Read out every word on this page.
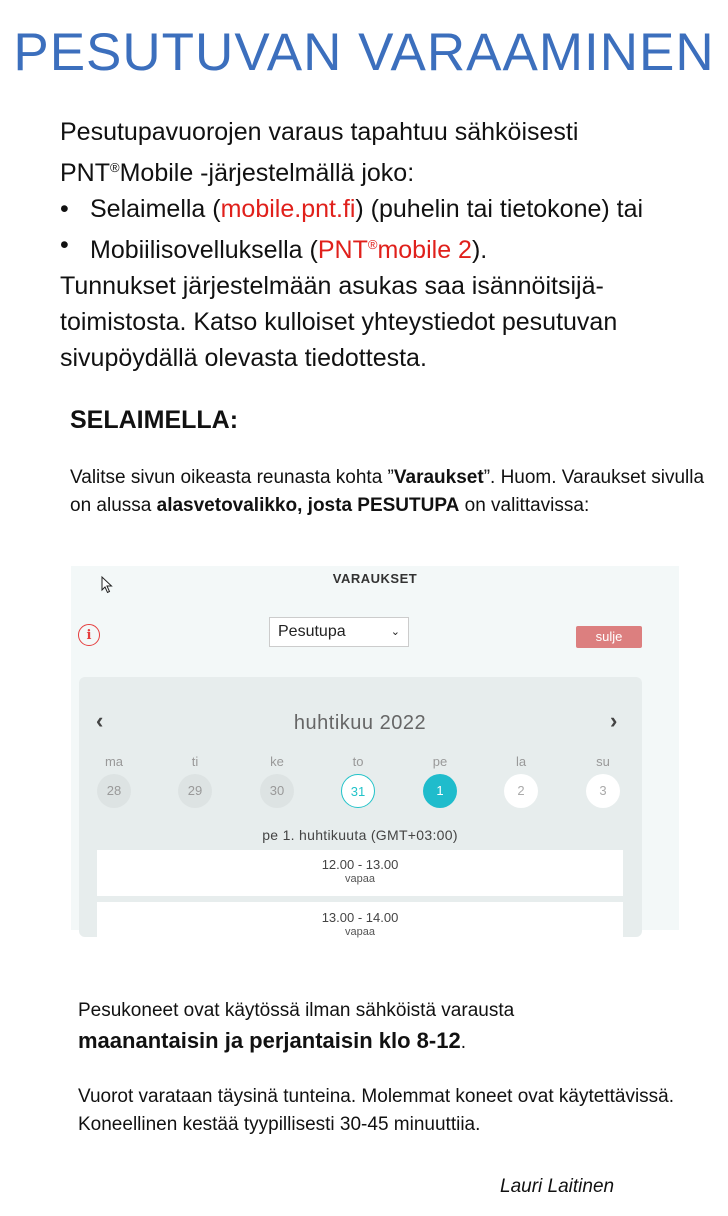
PESUTUVAN VARAAMINEN
Pesutupavuorojen varaus tapahtuu sähköisesti
PNT®Mobile -järjestelmällä joko:
• Selaimella (mobile.pnt.fi) (puhelin tai tietokone) tai
• Mobiilisovelluksella (PNT®mobile 2).
Tunnukset järjestelmään asukas saa isännöitsijä-
toimistosta. Katso kulloiset yhteystiedot pesutuvan
sivupöydällä olevasta tiedottesta.
SELAIMELLA:
Valitse sivun oikeasta reunasta kohta ”Varaukset”. Huom. Varaukset sivulla on alussa alasvetovalikko, josta PESUTUPA on valittavissa:
VARAUKSET
i	Pesutupa	⌄	sulje
‹	›
huhtikuu 2022
ma	ti	ke	to	pe	la	su
28	29	30	31	1	2	3
pe 1. huhtikuuta (GMT+03:00)
12.00 - 13.00
vapaa
13.00 - 14.00
vapaa
Pesukoneet ovat käytössä ilman sähköistä varausta
maanantaisin ja perjantaisin klo 8-12.
Vuorot varataan täysinä tunteina. Molemmat koneet ovat käytettävissä. Koneellinen kestää tyypillisesti 30-45 minuuttiia.
Lauri Laitinen
